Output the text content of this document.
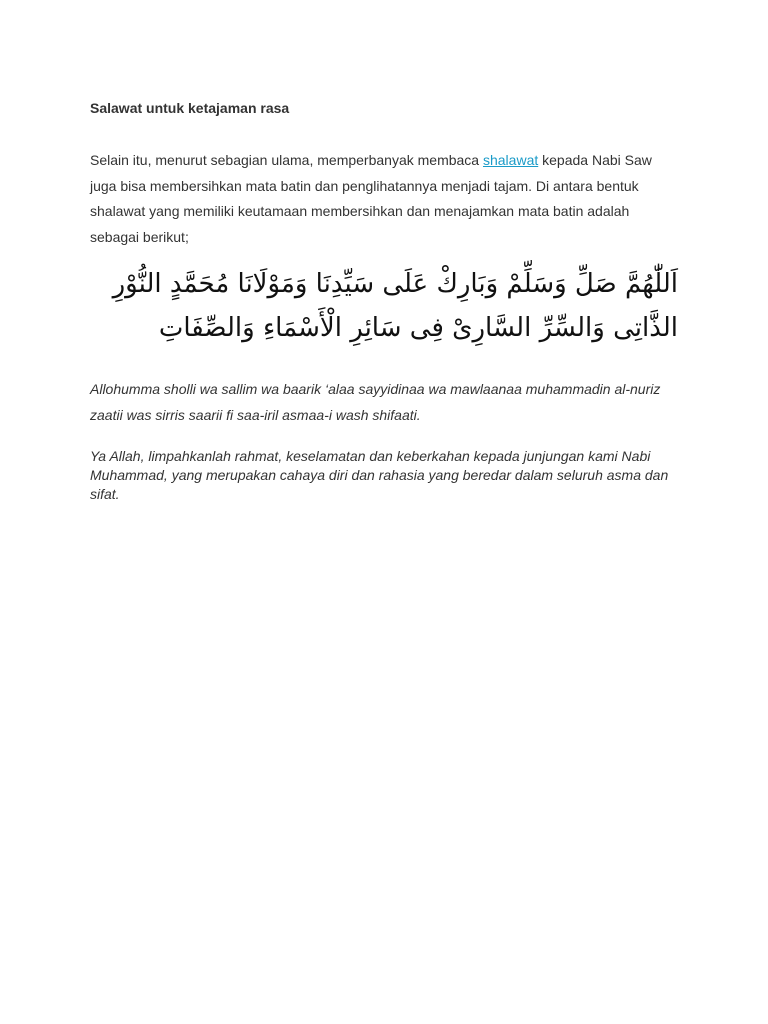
Salawat untuk ketajaman rasa

Selain itu, menurut sebagian ulama, memperbanyak membaca shalawat kepada Nabi Saw juga bisa membersihkan mata batin dan penglihatannya menjadi tajam. Di antara bentuk shalawat yang memiliki keutamaan membersihkan dan menajamkan mata batin adalah sebagai berikut;

اَللّٰهُمَّ صَلِّ وَسَلِّمْ وَبَارِكْ عَلَى سَيِّدِنَا وَمَوْلَانَا مُحَمَّدٍ النُّوْرِ
الذَّاتِى وَالسِّرِّ السَّارِىْ فِى سَائِرِ الْأَسْمَاءِ وَالصِّفَاتِ

Allohumma sholli wa sallim wa baarik ‘alaa sayyidinaa wa mawlaanaa muhammadin al-nuriz zaatii was sirris saarii fi saa-iril asmaa-i wash shifaati.

Ya Allah, limpahkanlah rahmat, keselamatan dan keberkahan kepada junjungan kami Nabi Muhammad, yang merupakan cahaya diri dan rahasia yang beredar dalam seluruh asma dan sifat.
